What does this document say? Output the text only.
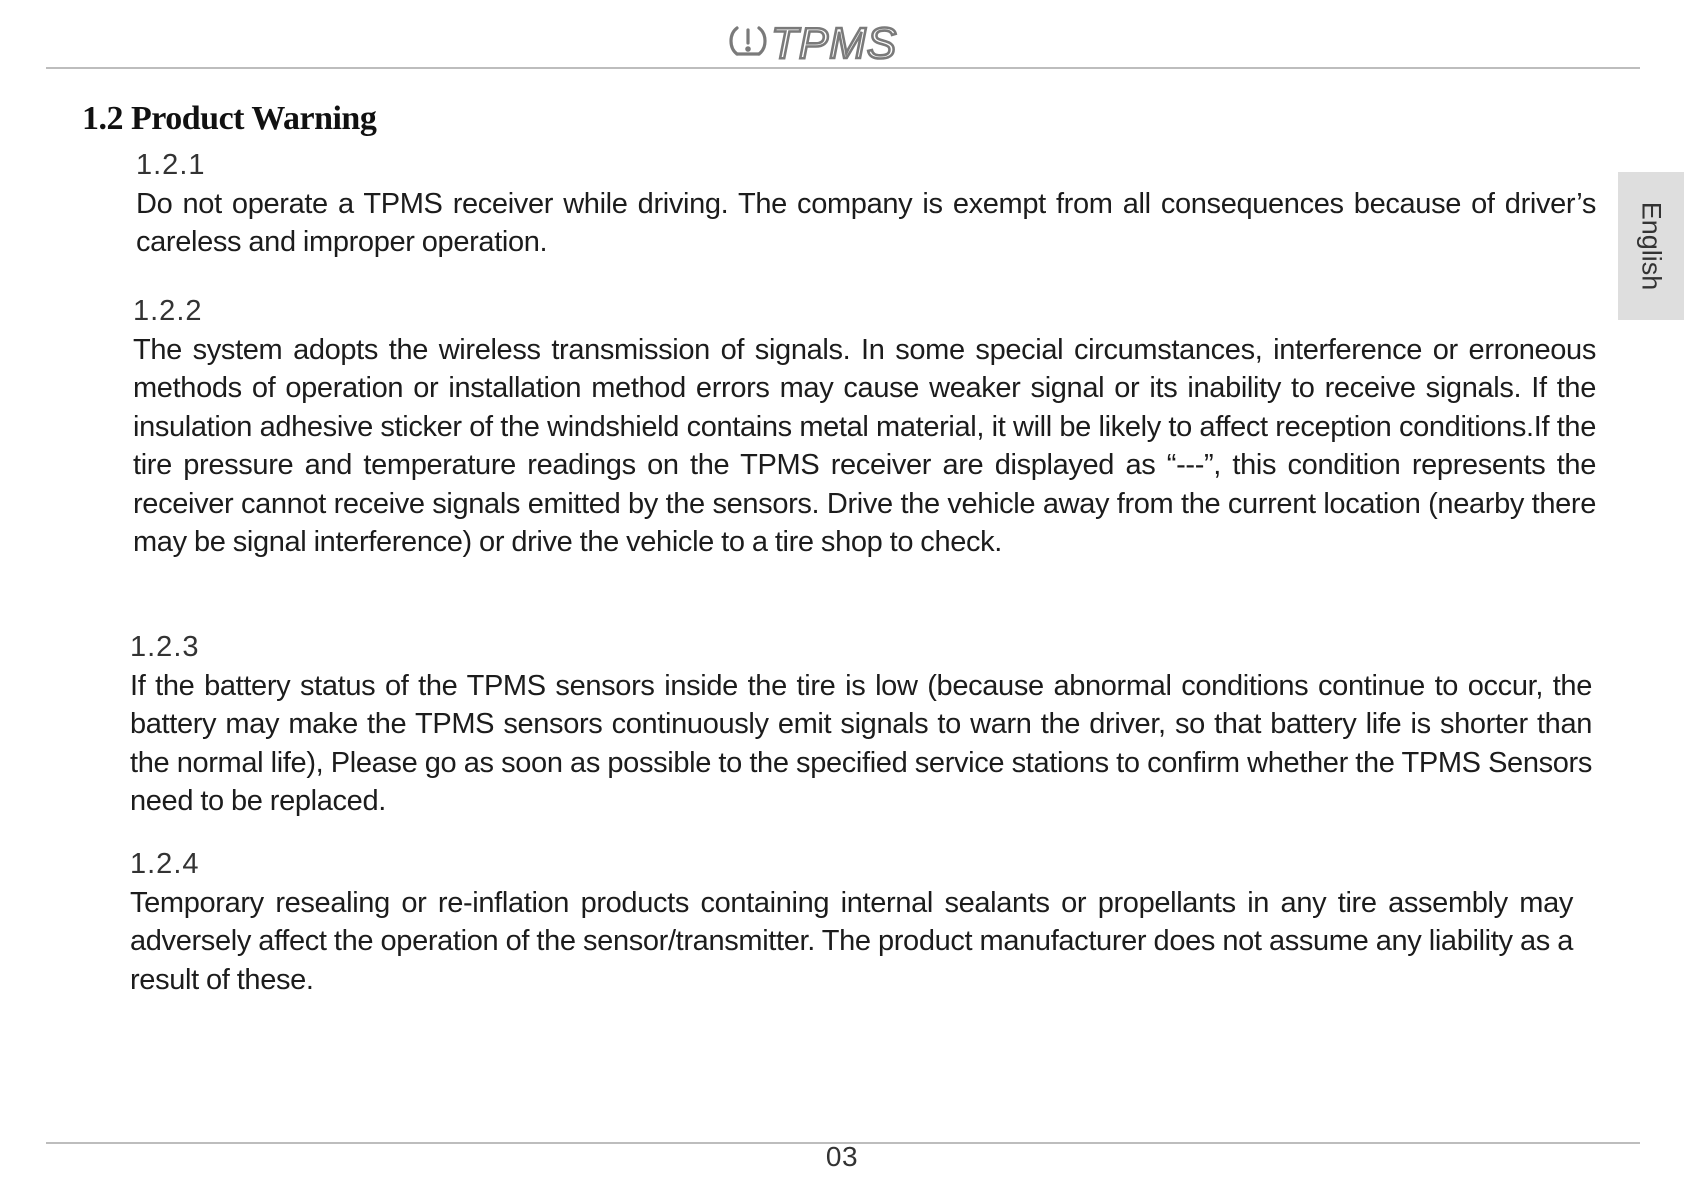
TPMS
1.2 Product Warning
1.2.1
Do not operate a TPMS receiver while driving. The company is exempt from all consequences because of driver’s careless and improper operation.
1.2.2
The system adopts the wireless transmission of signals. In some special circumstances, interference or erroneous methods of operation or installation method errors may cause weaker signal or its inability to receive signals. If the insulation adhesive sticker of the windshield contains metal material, it will be likely to affect reception conditions.If the tire pressure and temperature readings on the TPMS receiver are displayed as “---”, this condition represents the receiver cannot receive signals emitted by the sensors. Drive the vehicle away from the current location (nearby there may be signal interference) or drive the vehicle to a tire shop to check.
1.2.3
If the battery status of the TPMS sensors inside the tire is low (because abnormal conditions continue to occur, the battery may make the TPMS sensors continuously emit signals to warn the driver, so that battery life is shorter than the normal life), Please go as soon as possible to the specified service stations to confirm whether the TPMS Sensors need to be replaced.
1.2.4
Temporary resealing or re-inflation products containing internal sealants or propellants in any tire assembly may adversely affect the operation of the sensor/transmitter. The product manufacturer does not assume any liability as a result of these.
English
03
